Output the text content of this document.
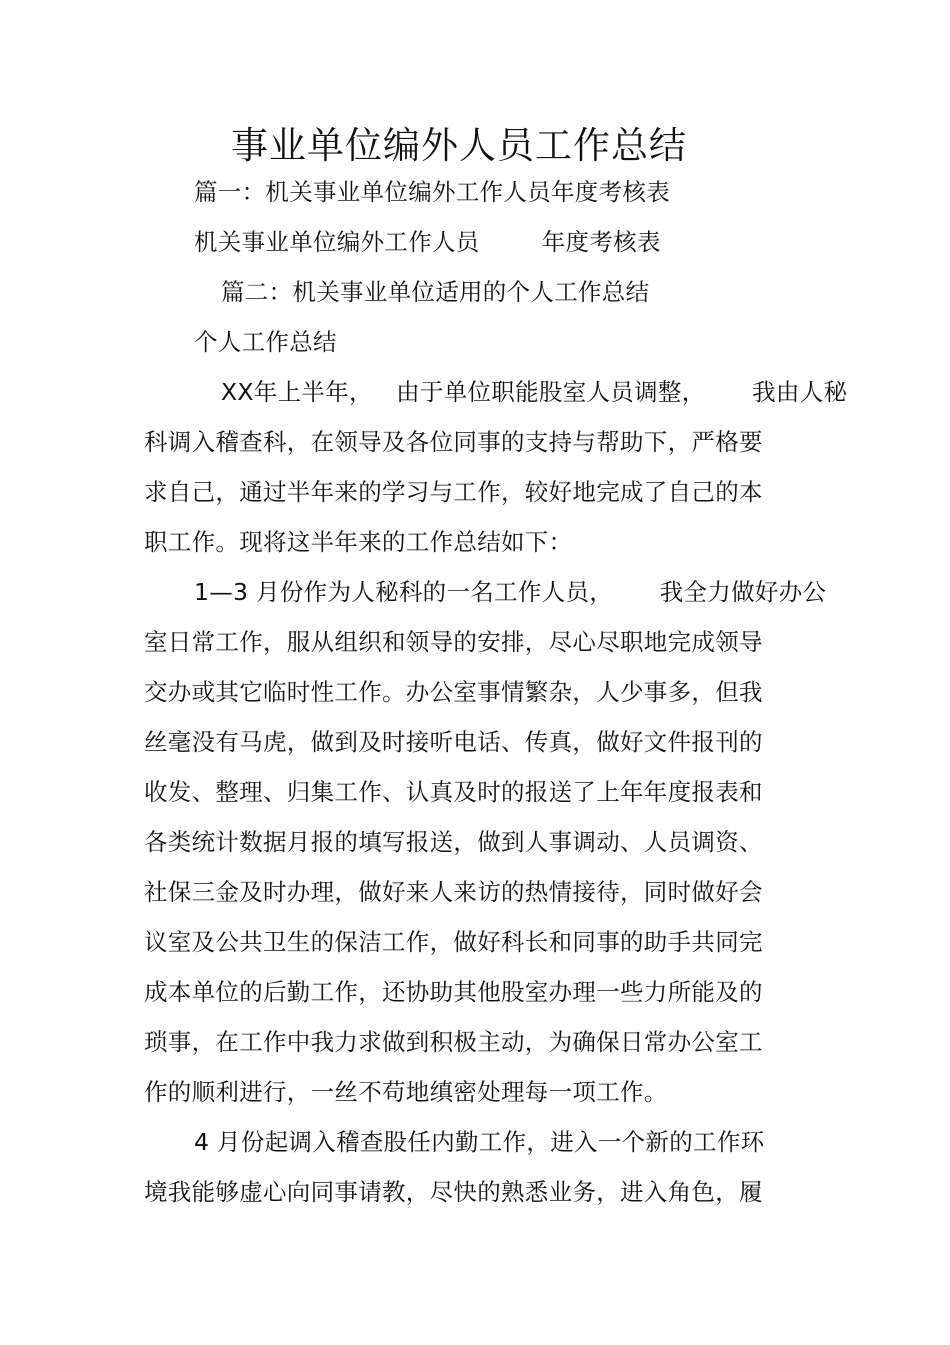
事业单位编外人员工作总结
篇一：机关事业单位编外工作人员年度考核表
机关事业单位编外工作人员        年度考核表
篇二：机关事业单位适用的个人工作总结
个人工作总结
XX年上半年，   由于单位职能股室人员调整，      我由人秘
科调入稽查科，在领导及各位同事的支持与帮助下，严格要
求自己，通过半年来的学习与工作，较好地完成了自己的本
职工作。现将这半年来的工作总结如下：
1—3 月份作为人秘科的一名工作人员，      我全力做好办公
室日常工作，服从组织和领导的安排，尽心尽职地完成领导
交办或其它临时性工作。办公室事情繁杂，人少事多，但我
丝毫没有马虎，做到及时接听电话、传真，做好文件报刊的
收发、整理、归集工作、认真及时的报送了上年年度报表和
各类统计数据月报的填写报送，做到人事调动、人员调资、
社保三金及时办理，做好来人来访的热情接待，同时做好会
议室及公共卫生的保洁工作，做好科长和同事的助手共同完
成本单位的后勤工作，还协助其他股室办理一些力所能及的
琐事，在工作中我力求做到积极主动，为确保日常办公室工
作的顺利进行，一丝不苟地缜密处理每一项工作。
4 月份起调入稽查股任内勤工作，进入一个新的工作环
境我能够虚心向同事请教，尽快的熟悉业务，进入角色，履
